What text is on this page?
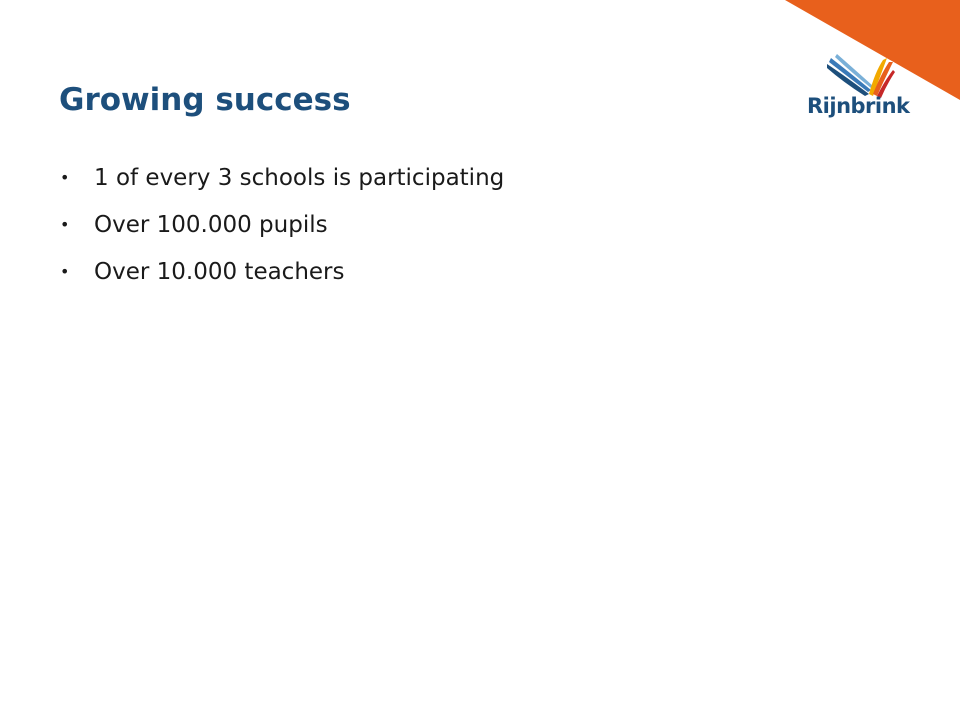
Rijnbrink
Growing success
• 1 of every 3 schools is participating
• Over 100.000 pupils
• Over 10.000 teachers
